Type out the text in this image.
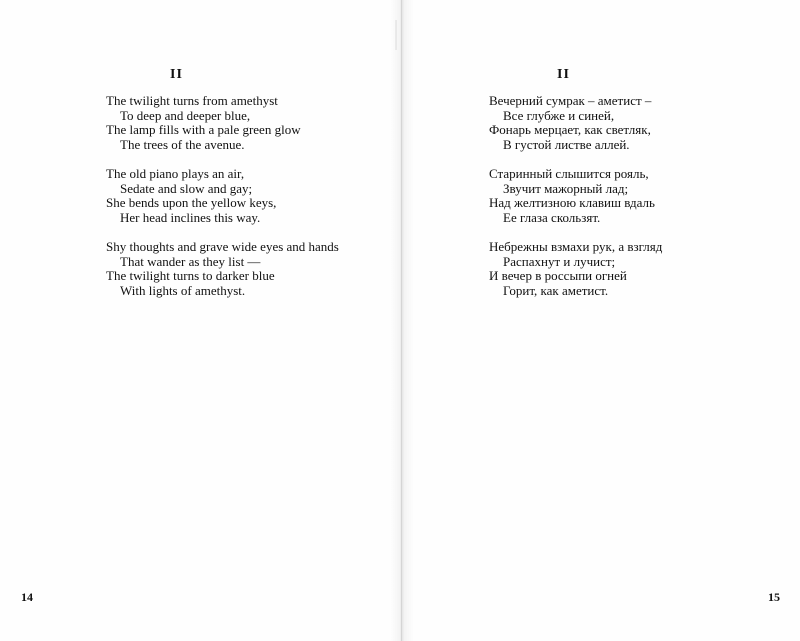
II
The twilight turns from amethyst
To deep and deeper blue,
The lamp fills with a pale green glow
The trees of the avenue.
The old piano plays an air,
Sedate and slow and gay;
She bends upon the yellow keys,
Her head inclines this way.
Shy thoughts and grave wide eyes and hands
That wander as they list —
The twilight turns to darker blue
With lights of amethyst.
14
II
Вечерний сумрак – аметист –
Все глубже и синей,
Фонарь мерцает, как светляк,
В густой листве аллей.
Старинный слышится рояль,
Звучит мажорный лад;
Над желтизною клавиш вдаль
Ее глаза скользят.
Небрежны взмахи рук, а взгляд
Распахнут и лучист;
И вечер в россыпи огней
Горит, как аметист.
15
